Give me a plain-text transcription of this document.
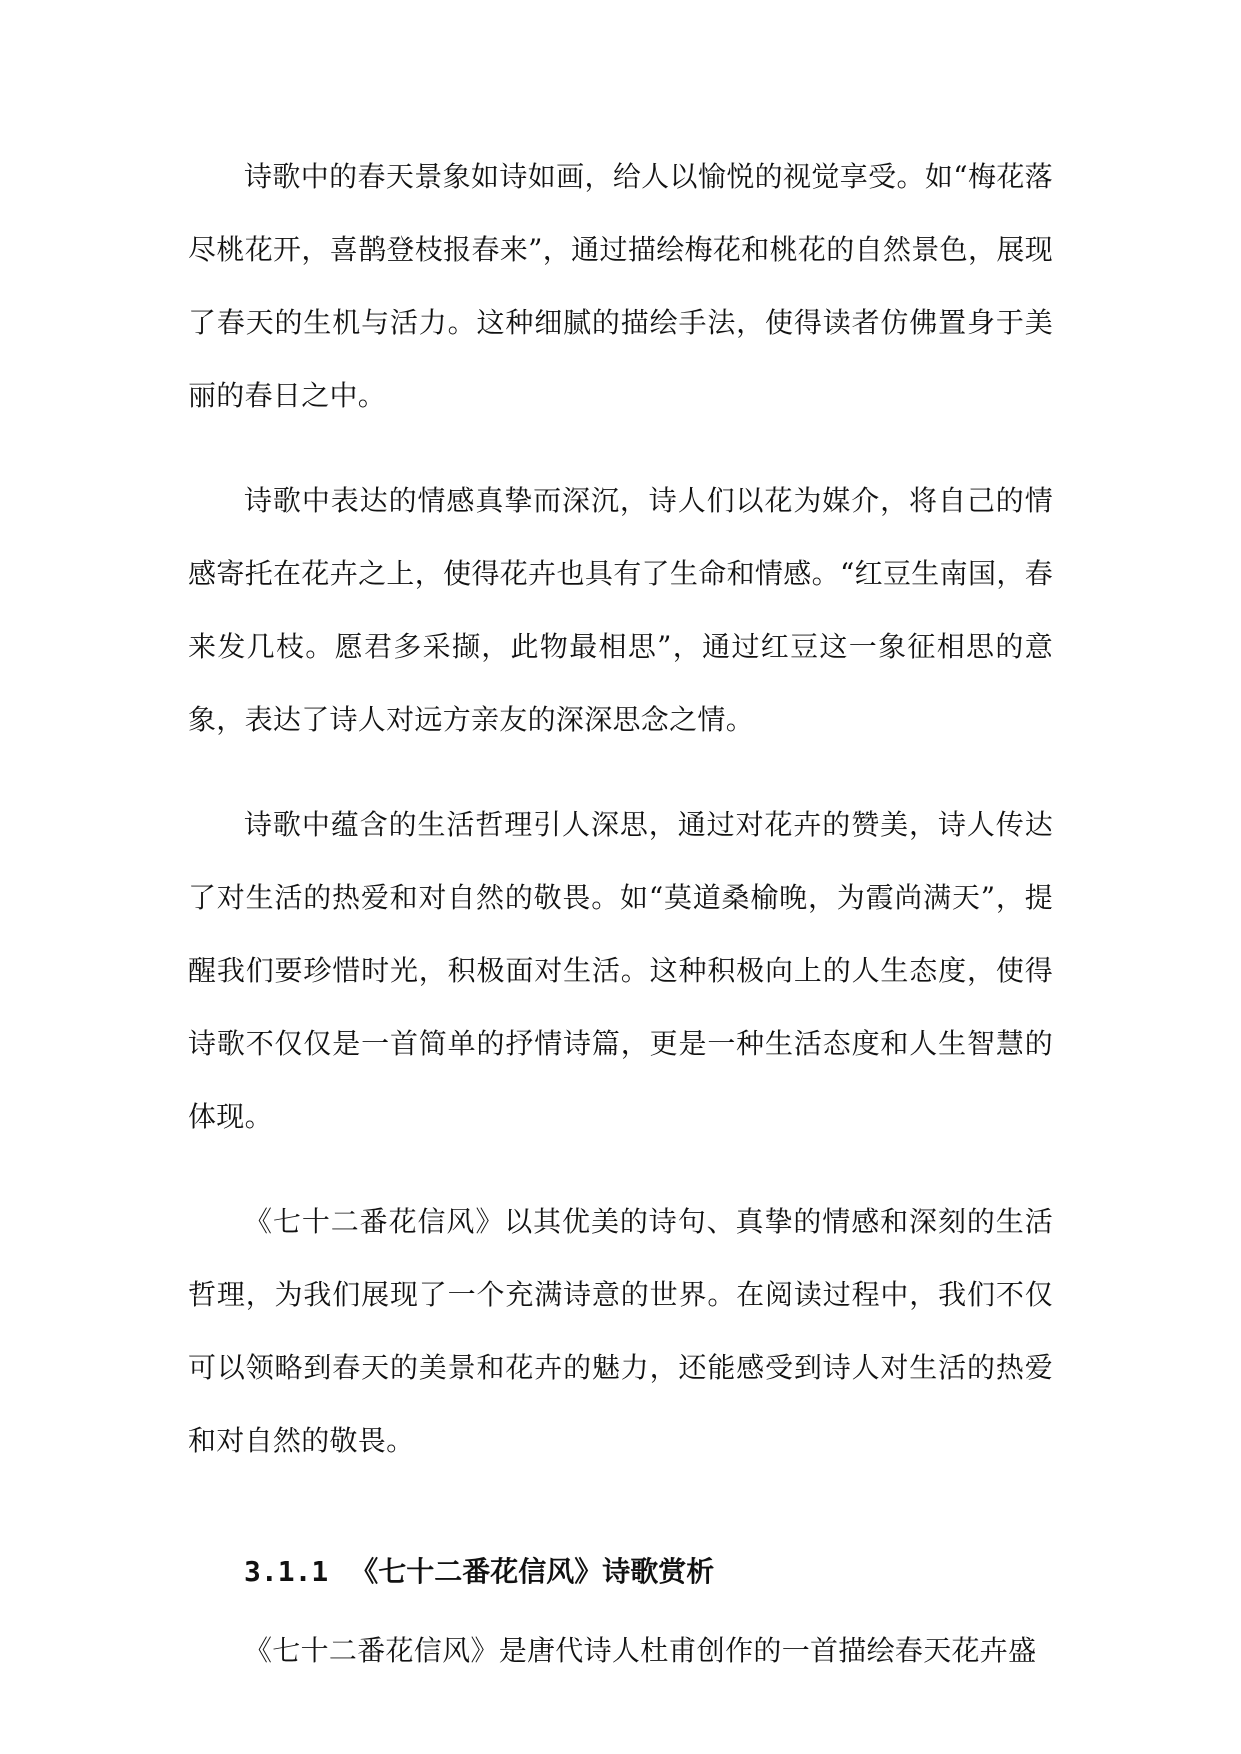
诗歌中的春天景象如诗如画，给人以愉悦的视觉享受。如“梅花落尽桃花开，喜鹊登枝报春来”，通过描绘梅花和桃花的自然景色，展现了春天的生机与活力。这种细腻的描绘手法，使得读者仿佛置身于美丽的春日之中。

诗歌中表达的情感真挚而深沉，诗人们以花为媒介，将自己的情感寄托在花卉之上，使得花卉也具有了生命和情感。“红豆生南国，春来发几枝。愿君多采撷，此物最相思”，通过红豆这一象征相思的意象，表达了诗人对远方亲友的深深思念之情。

诗歌中蕴含的生活哲理引人深思，通过对花卉的赞美，诗人传达了对生活的热爱和对自然的敬畏。如“莫道桑榆晚，为霞尚满天”，提醒我们要珍惜时光，积极面对生活。这种积极向上的人生态度，使得诗歌不仅仅是一首简单的抒情诗篇，更是一种生活态度和人生智慧的体现。

《七十二番花信风》以其优美的诗句、真挚的情感和深刻的生活哲理，为我们展现了一个充满诗意的世界。在阅读过程中，我们不仅可以领略到春天的美景和花卉的魅力，还能感受到诗人对生活的热爱和对自然的敬畏。

3.1.1 《七十二番花信风》诗歌赏析

《七十二番花信风》是唐代诗人杜甫创作的一首描绘春天花卉盛
